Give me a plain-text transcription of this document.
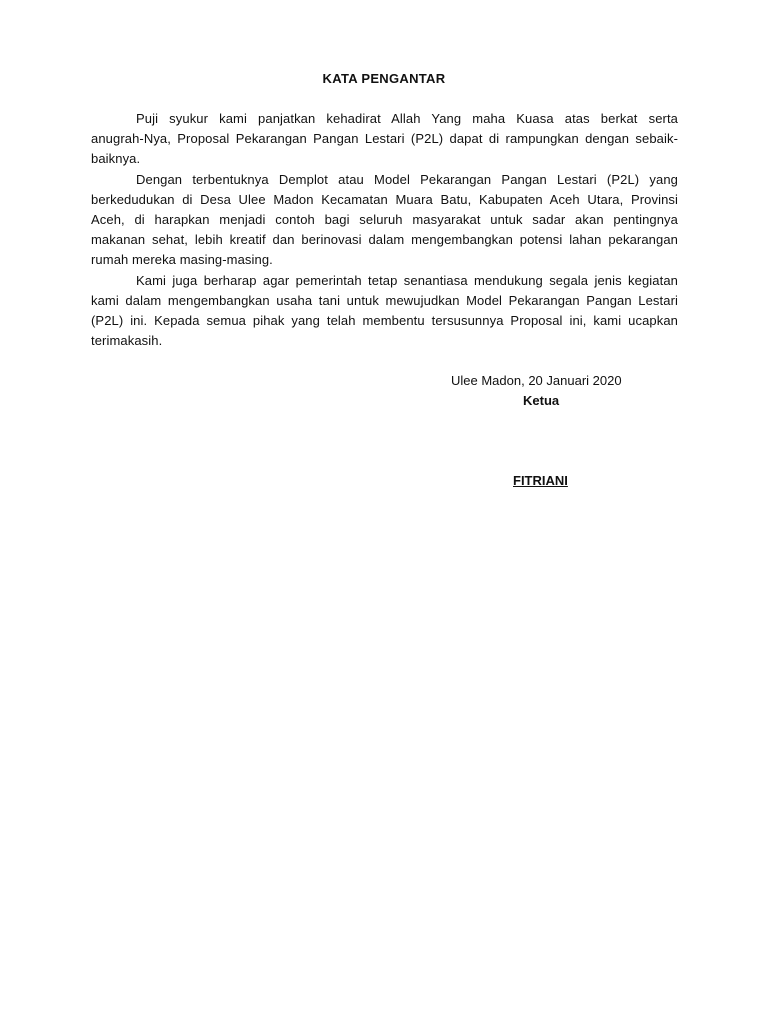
KATA PENGANTAR
Puji syukur kami panjatkan kehadirat Allah Yang maha Kuasa atas berkat serta
anugrah-Nya, Proposal Pekarangan Pangan Lestari (P2L) dapat di rampungkan dengan sebaik-
baiknya.
Dengan terbentuknya Demplot atau Model Pekarangan Pangan Lestari (P2L) yang
berkedudukan di Desa Ulee Madon Kecamatan Muara Batu, Kabupaten Aceh Utara, Provinsi
Aceh, di harapkan menjadi contoh bagi seluruh masyarakat untuk sadar akan pentingnya
makanan sehat, lebih kreatif dan berinovasi dalam mengembangkan potensi lahan pekarangan
rumah mereka masing-masing.
Kami juga berharap agar pemerintah tetap senantiasa mendukung segala jenis kegiatan
kami dalam mengembangkan usaha tani untuk mewujudkan Model Pekarangan Pangan Lestari
(P2L) ini. Kepada semua pihak yang telah membentu tersusunnya Proposal ini, kami ucapkan
terimakasih.
Ulee Madon, 20 Januari 2020
Ketua
FITRIANI
